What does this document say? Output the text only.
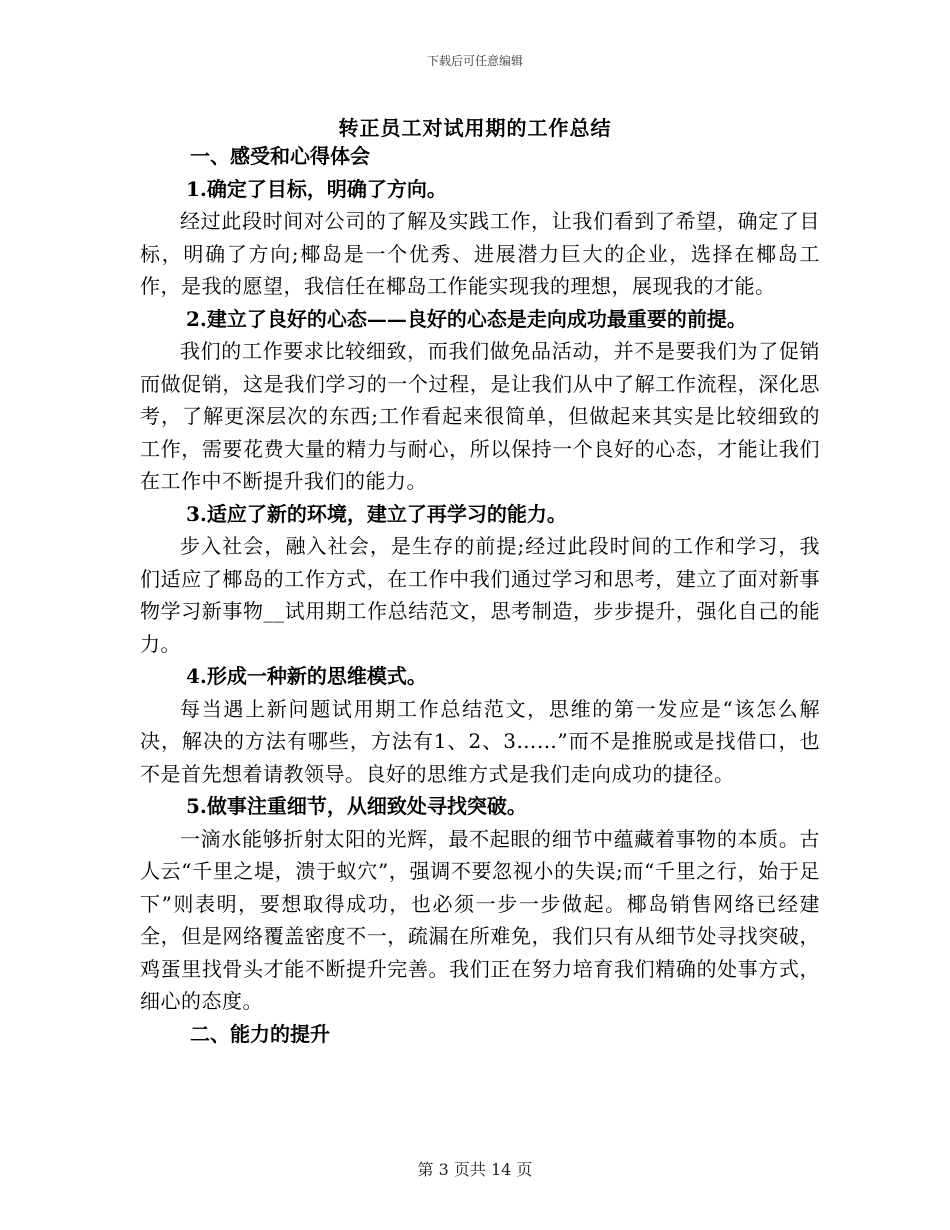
下载后可任意编辑
转正员工对试用期的工作总结

一、感受和心得体会

1.确定了目标，明确了方向。

经过此段时间对公司的了解及实践工作，让我们看到了希望，确定了目标，明确了方向;椰岛是一个优秀、进展潜力巨大的企业，选择在椰岛工作，是我的愿望，我信任在椰岛工作能实现我的理想，展现我的才能。

2.建立了良好的心态——良好的心态是走向成功最重要的前提。

我们的工作要求比较细致，而我们做免品活动，并不是要我们为了促销而做促销，这是我们学习的一个过程，是让我们从中了解工作流程，深化思考，了解更深层次的东西;工作看起来很简单，但做起来其实是比较细致的工作，需要花费大量的精力与耐心，所以保持一个良好的心态，才能让我们在工作中不断提升我们的能力。

3.适应了新的环境，建立了再学习的能力。

步入社会，融入社会，是生存的前提;经过此段时间的工作和学习，我们适应了椰岛的工作方式，在工作中我们通过学习和思考，建立了面对新事物学习新事物__试用期工作总结范文，思考制造，步步提升，强化自己的能力。

4.形成一种新的思维模式。

每当遇上新问题试用期工作总结范文，思维的第一发应是“该怎么解决，解决的方法有哪些，方法有1、2、3……”而不是推脱或是找借口，也不是首先想着请教领导。良好的思维方式是我们走向成功的捷径。

5.做事注重细节，从细致处寻找突破。

一滴水能够折射太阳的光辉，最不起眼的细节中蕴藏着事物的本质。古人云“千里之堤，溃于蚁穴”，强调不要忽视小的失误;而“千里之行，始于足下”则表明，要想取得成功，也必须一步一步做起。椰岛销售网络已经建全，但是网络覆盖密度不一，疏漏在所难免，我们只有从细节处寻找突破，鸡蛋里找骨头才能不断提升完善。我们正在努力培育我们精确的处事方式，细心的态度。

二、能力的提升

第 3 页共 14 页
